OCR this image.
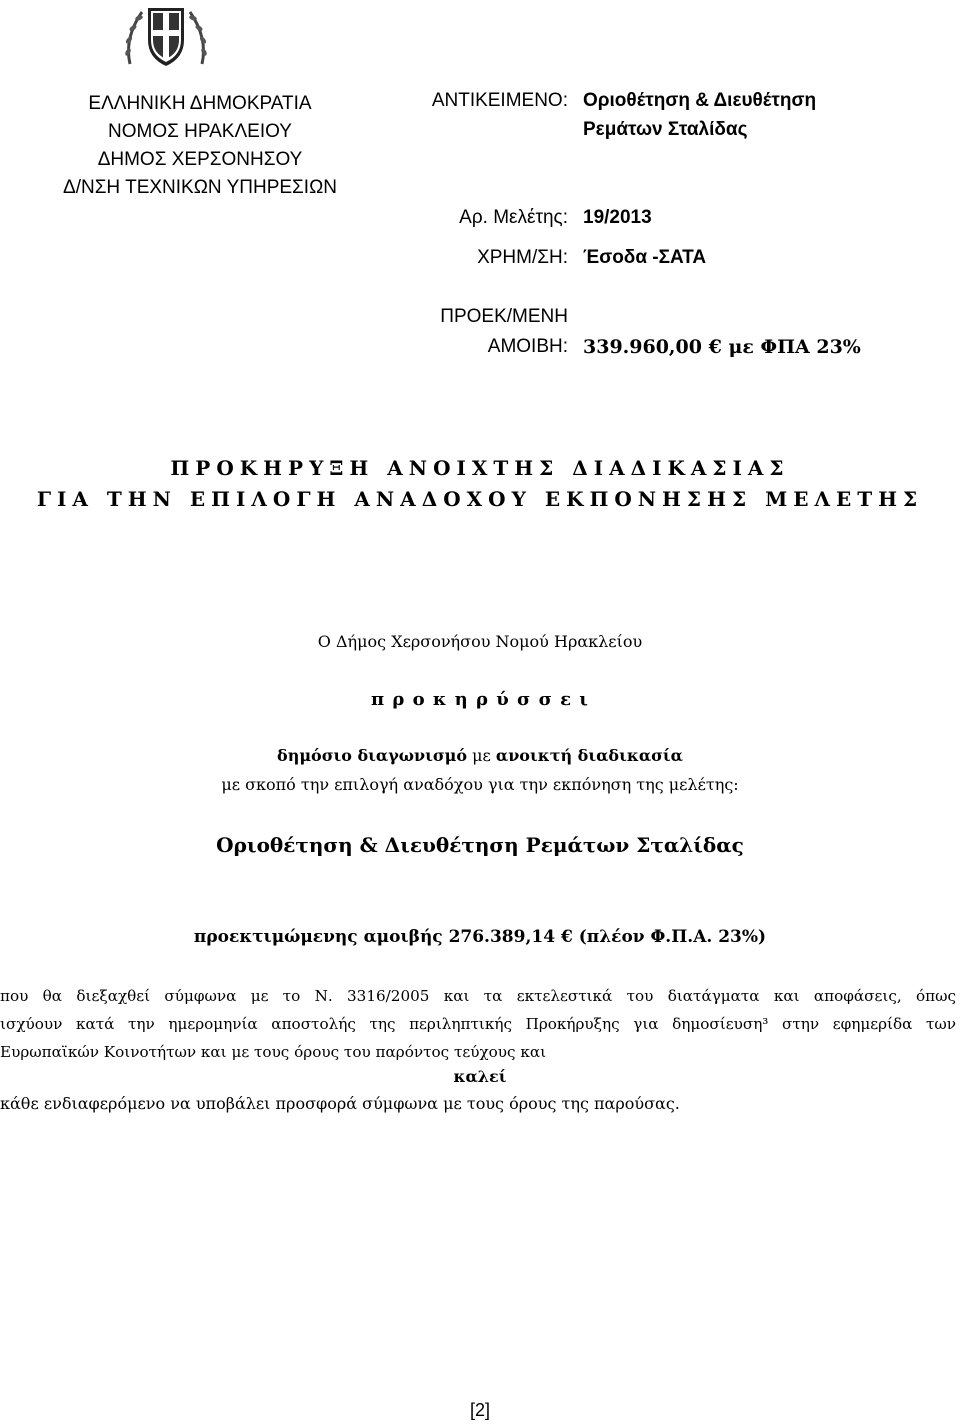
ΕΛΛΗΝΙΚΗ ΔΗΜΟΚΡΑΤΙΑ
ΝΟΜΟΣ ΗΡΑΚΛΕΙΟΥ
ΔΗΜΟΣ ΧΕΡΣΟΝΗΣΟΥ
Δ/ΝΣΗ ΤΕΧΝΙΚΩΝ ΥΠΗΡΕΣΙΩΝ
ΑΝΤΙΚΕΙΜΕΝΟ: Οριοθέτηση & Διευθέτηση
Ρεμάτων Σταλίδας
Αρ. Μελέτης: 19/2013
ΧΡΗΜ/ΣΗ: Έσοδα -ΣΑΤΑ
ΠΡΟΕΚ/ΜΕΝΗ
ΑΜΟΙΒΗ: 339.960,00 € με ΦΠΑ 23%
ΠΡΟΚΗΡΥΞΗ ΑΝΟΙΧΤΗΣ ΔΙΑΔΙΚΑΣΙΑΣ
ΓΙΑ ΤΗΝ ΕΠΙΛΟΓΗ ΑΝΑΔΟΧΟΥ ΕΚΠΟΝΗΣΗΣ ΜΕΛΕΤΗΣ
Ο Δήμος Χερσονήσου Νομού Ηρακλείου
π ρ ο κ η ρ ύ σ σ ε ι
δημόσιο διαγωνισμό με ανοικτή διαδικασία
με σκοπό την επιλογή αναδόχου για την εκπόνηση της μελέτης:
Οριοθέτηση & Διευθέτηση Ρεμάτων Σταλίδας
προεκτιμώμενης αμοιβής 276.389,14 € (πλέον Φ.Π.Α. 23%)
που θα διεξαχθεί σύμφωνα με το Ν. 3316/2005 και τα εκτελεστικά του διατάγματα και αποφάσεις, όπως
ισχύουν κατά την ημερομηνία αποστολής της περιληπτικής Προκήρυξης για δημοσίευση³ στην εφημερίδα των
Ευρωπαϊκών Κοινοτήτων και με τους όρους του παρόντος τεύχους και
καλεί
κάθε ενδιαφερόμενο να υποβάλει προσφορά σύμφωνα με τους όρους της παρούσας.
[2]
